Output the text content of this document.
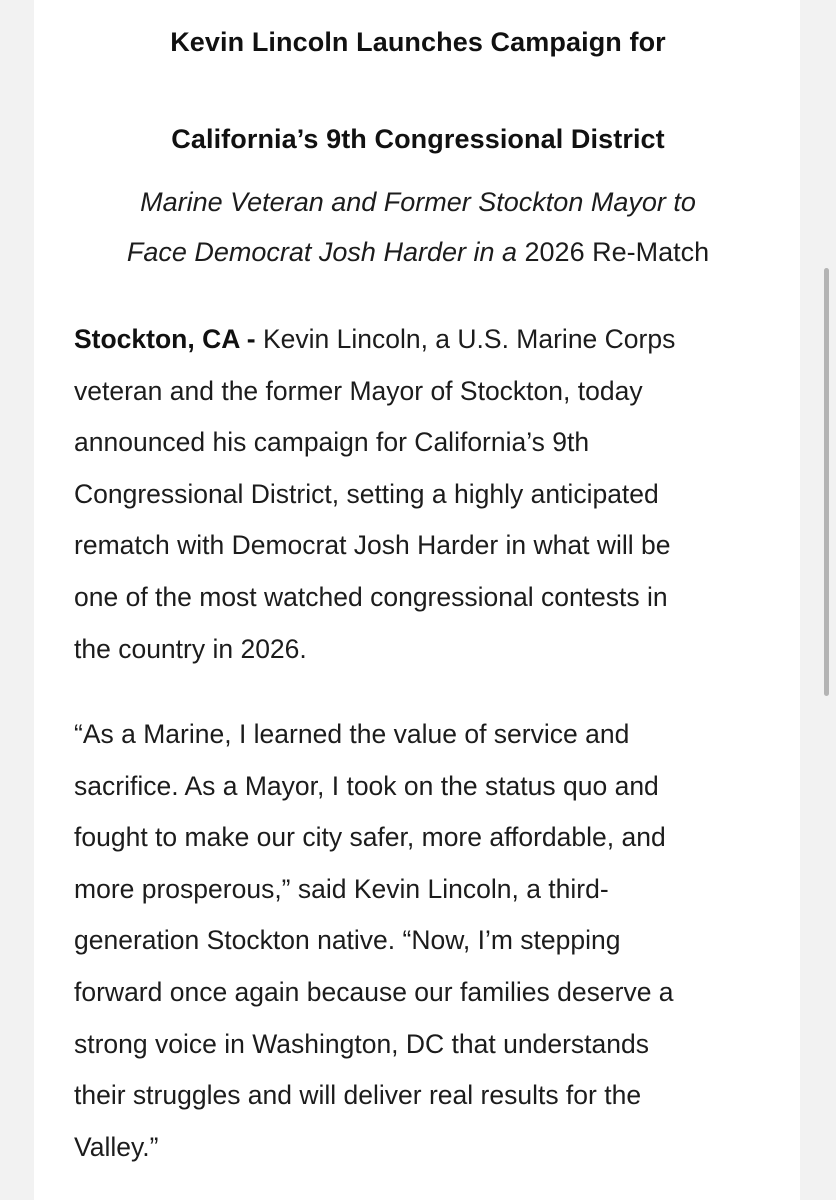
Kevin Lincoln Launches Campaign for
California’s 9th Congressional District
Marine Veteran and Former Stockton Mayor to
Face Democrat Josh Harder in a 2026 Re-Match
Stockton, CA - Kevin Lincoln, a U.S. Marine Corps
veteran and the former Mayor of Stockton, today
announced his campaign for California’s 9th
Congressional District, setting a highly anticipated
rematch with Democrat Josh Harder in what will be
one of the most watched congressional contests in
the country in 2026.
“As a Marine, I learned the value of service and
sacrifice. As a Mayor, I took on the status quo and
fought to make our city safer, more affordable, and
more prosperous,” said Kevin Lincoln, a third-
generation Stockton native. “Now, I’m stepping
forward once again because our families deserve a
strong voice in Washington, DC that understands
their struggles and will deliver real results for the
Valley.”
